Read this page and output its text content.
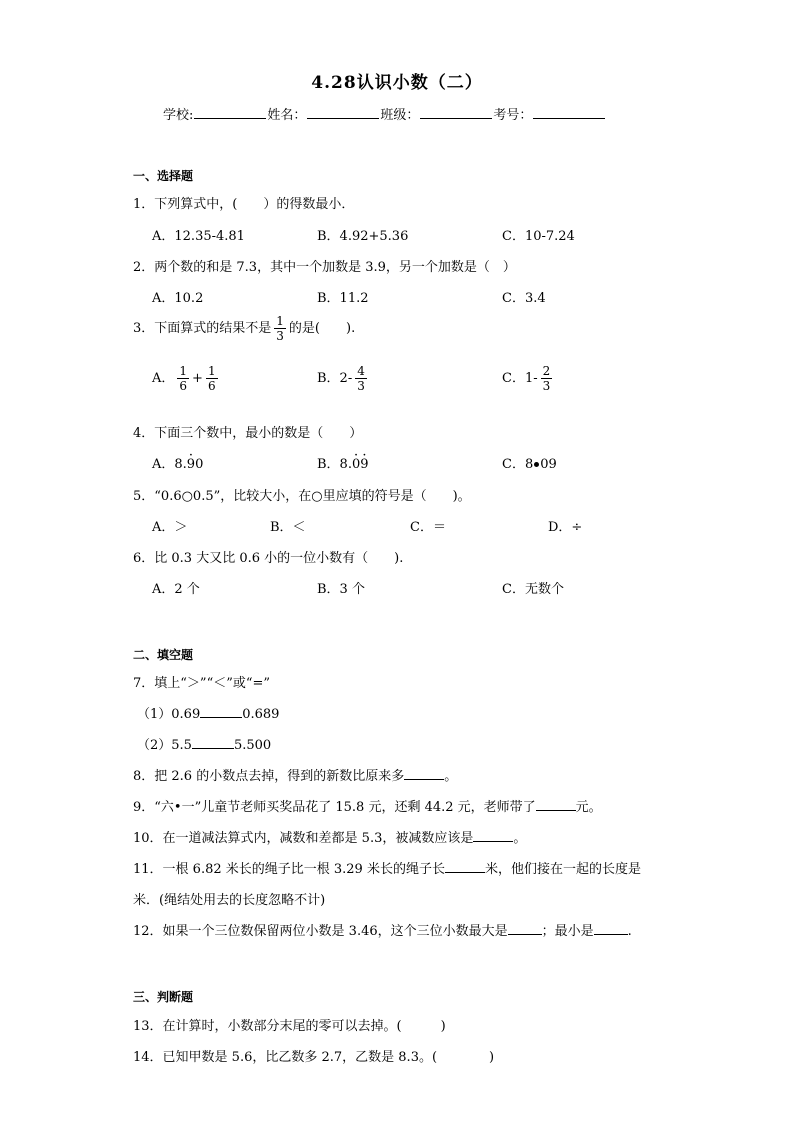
4.28认识小数（二）
学校:	姓名：	班级：	考号：
一、选择题
1．下列算式中，(　　）的得数最小．
A．12.35-4.81	B．4.92+5.36	C．10-7.24
2．两个数的和是 7.3，其中一个加数是 3.9，另一个加数是（　）
A．10.2	B．11.2	C．3.4
3．下面算式的结果不是 $\frac{1}{3}$ 的是(　　).
A． $\frac{1}{6} + \frac{1}{6}$	B．$2- \frac{4}{3}$	C．$1- \frac{2}{3}$
4．下面三个数中，最小的数是（　　）
A．8.9 ·0	B．8.0 ·9 ·	C．8 09
5．“0.6○0.5”，比较大小，在○里应填的符号是（　　)。
A．＞	B．＜	C．＝	D．÷
6．比 0.3 大又比 0.6 小的一位小数有（　　).
A．2 个	B．3 个	C．无数个
二、填空题
7．填上“＞”“＜”或“=”
（1）0.69	0.689
（2）5.5	5.500
8．把 2.6 的小数点去掉，得到的新数比原来多	。
9．“六•一”儿童节老师买奖品花了 15.8 元，还剩 44.2 元，老师带了	元。
10．在一道减法算式内，减数和差都是 5.3，被减数应该是	。
11．一根 6.82 米长的绳子比一根 3.29 米长的绳子长	米，他们接在一起的长度是
米．(绳结处用去的长度忽略不计)
12．如果一个三位数保留两位小数是 3.46，这个三位小数最大是	；最小是	.
三、判断题
13．在计算时，小数部分末尾的零可以去掉。(　　　)
14．已知甲数是 5.6，比乙数多 2.7，乙数是 8.3。(　　　　)
